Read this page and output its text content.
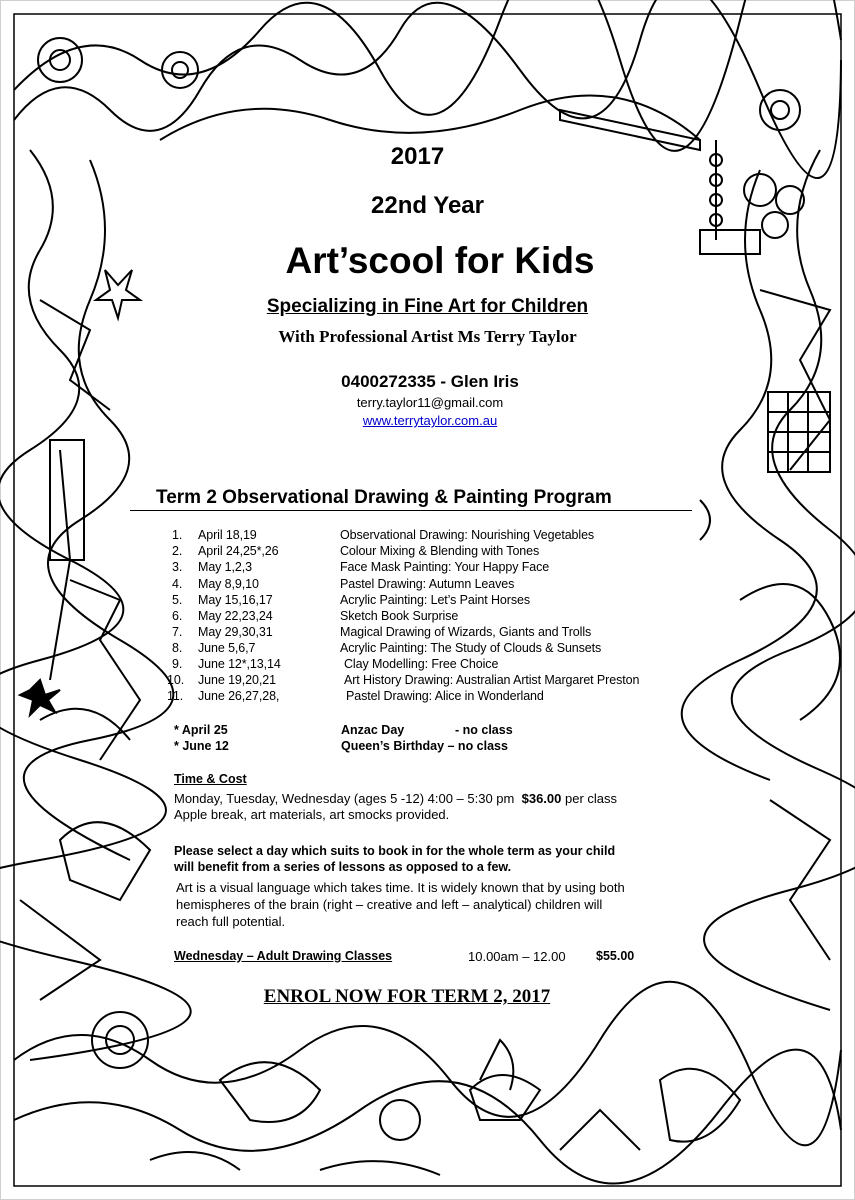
2017
22nd Year
Art’scool for Kids
Specializing in Fine Art for Children
With Professional Artist Ms Terry Taylor
0400272335 - Glen Iris
terry.taylor11@gmail.com
www.terrytaylor.com.au
Term 2 Observational Drawing & Painting Program
1. April 18,19	Observational Drawing: Nourishing Vegetables
2. April 24,25*,26	Colour Mixing & Blending with Tones
3. May 1,2,3	Face Mask Painting: Your Happy Face
4. May 8,9,10	Pastel Drawing: Autumn Leaves
5. May 15,16,17	Acrylic Painting: Let’s Paint Horses
6. May 22,23,24	Sketch Book Surprise
7. May 29,30,31	Magical Drawing of Wizards, Giants and Trolls
8. June 5,6,7	Acrylic Painting: The Study of Clouds & Sunsets
9. June 12*,13,14	Clay Modelling: Free Choice
10. June 19,20,21	Art History Drawing: Australian Artist Margaret Preston
11. June 26,27,28,	Pastel Drawing: Alice in Wonderland
* April 25	Anzac Day	- no class
* June 12	Queen’s Birthday – no class
Time & Cost
Monday, Tuesday, Wednesday (ages 5 -12) 4:00 – 5:30 pm $36.00 per class
Apple break, art materials, art smocks provided.
Please select a day which suits to book in for the whole term as your child
will benefit from a series of lessons as opposed to a few.
Art is a visual language which takes time. It is widely known that by using both
hemispheres of the brain (right – creative and left – analytical) children will
reach full potential.
Wednesday – Adult Drawing Classes	10.00am – 12.00 $55.00
ENROL NOW FOR TERM 2, 2017
